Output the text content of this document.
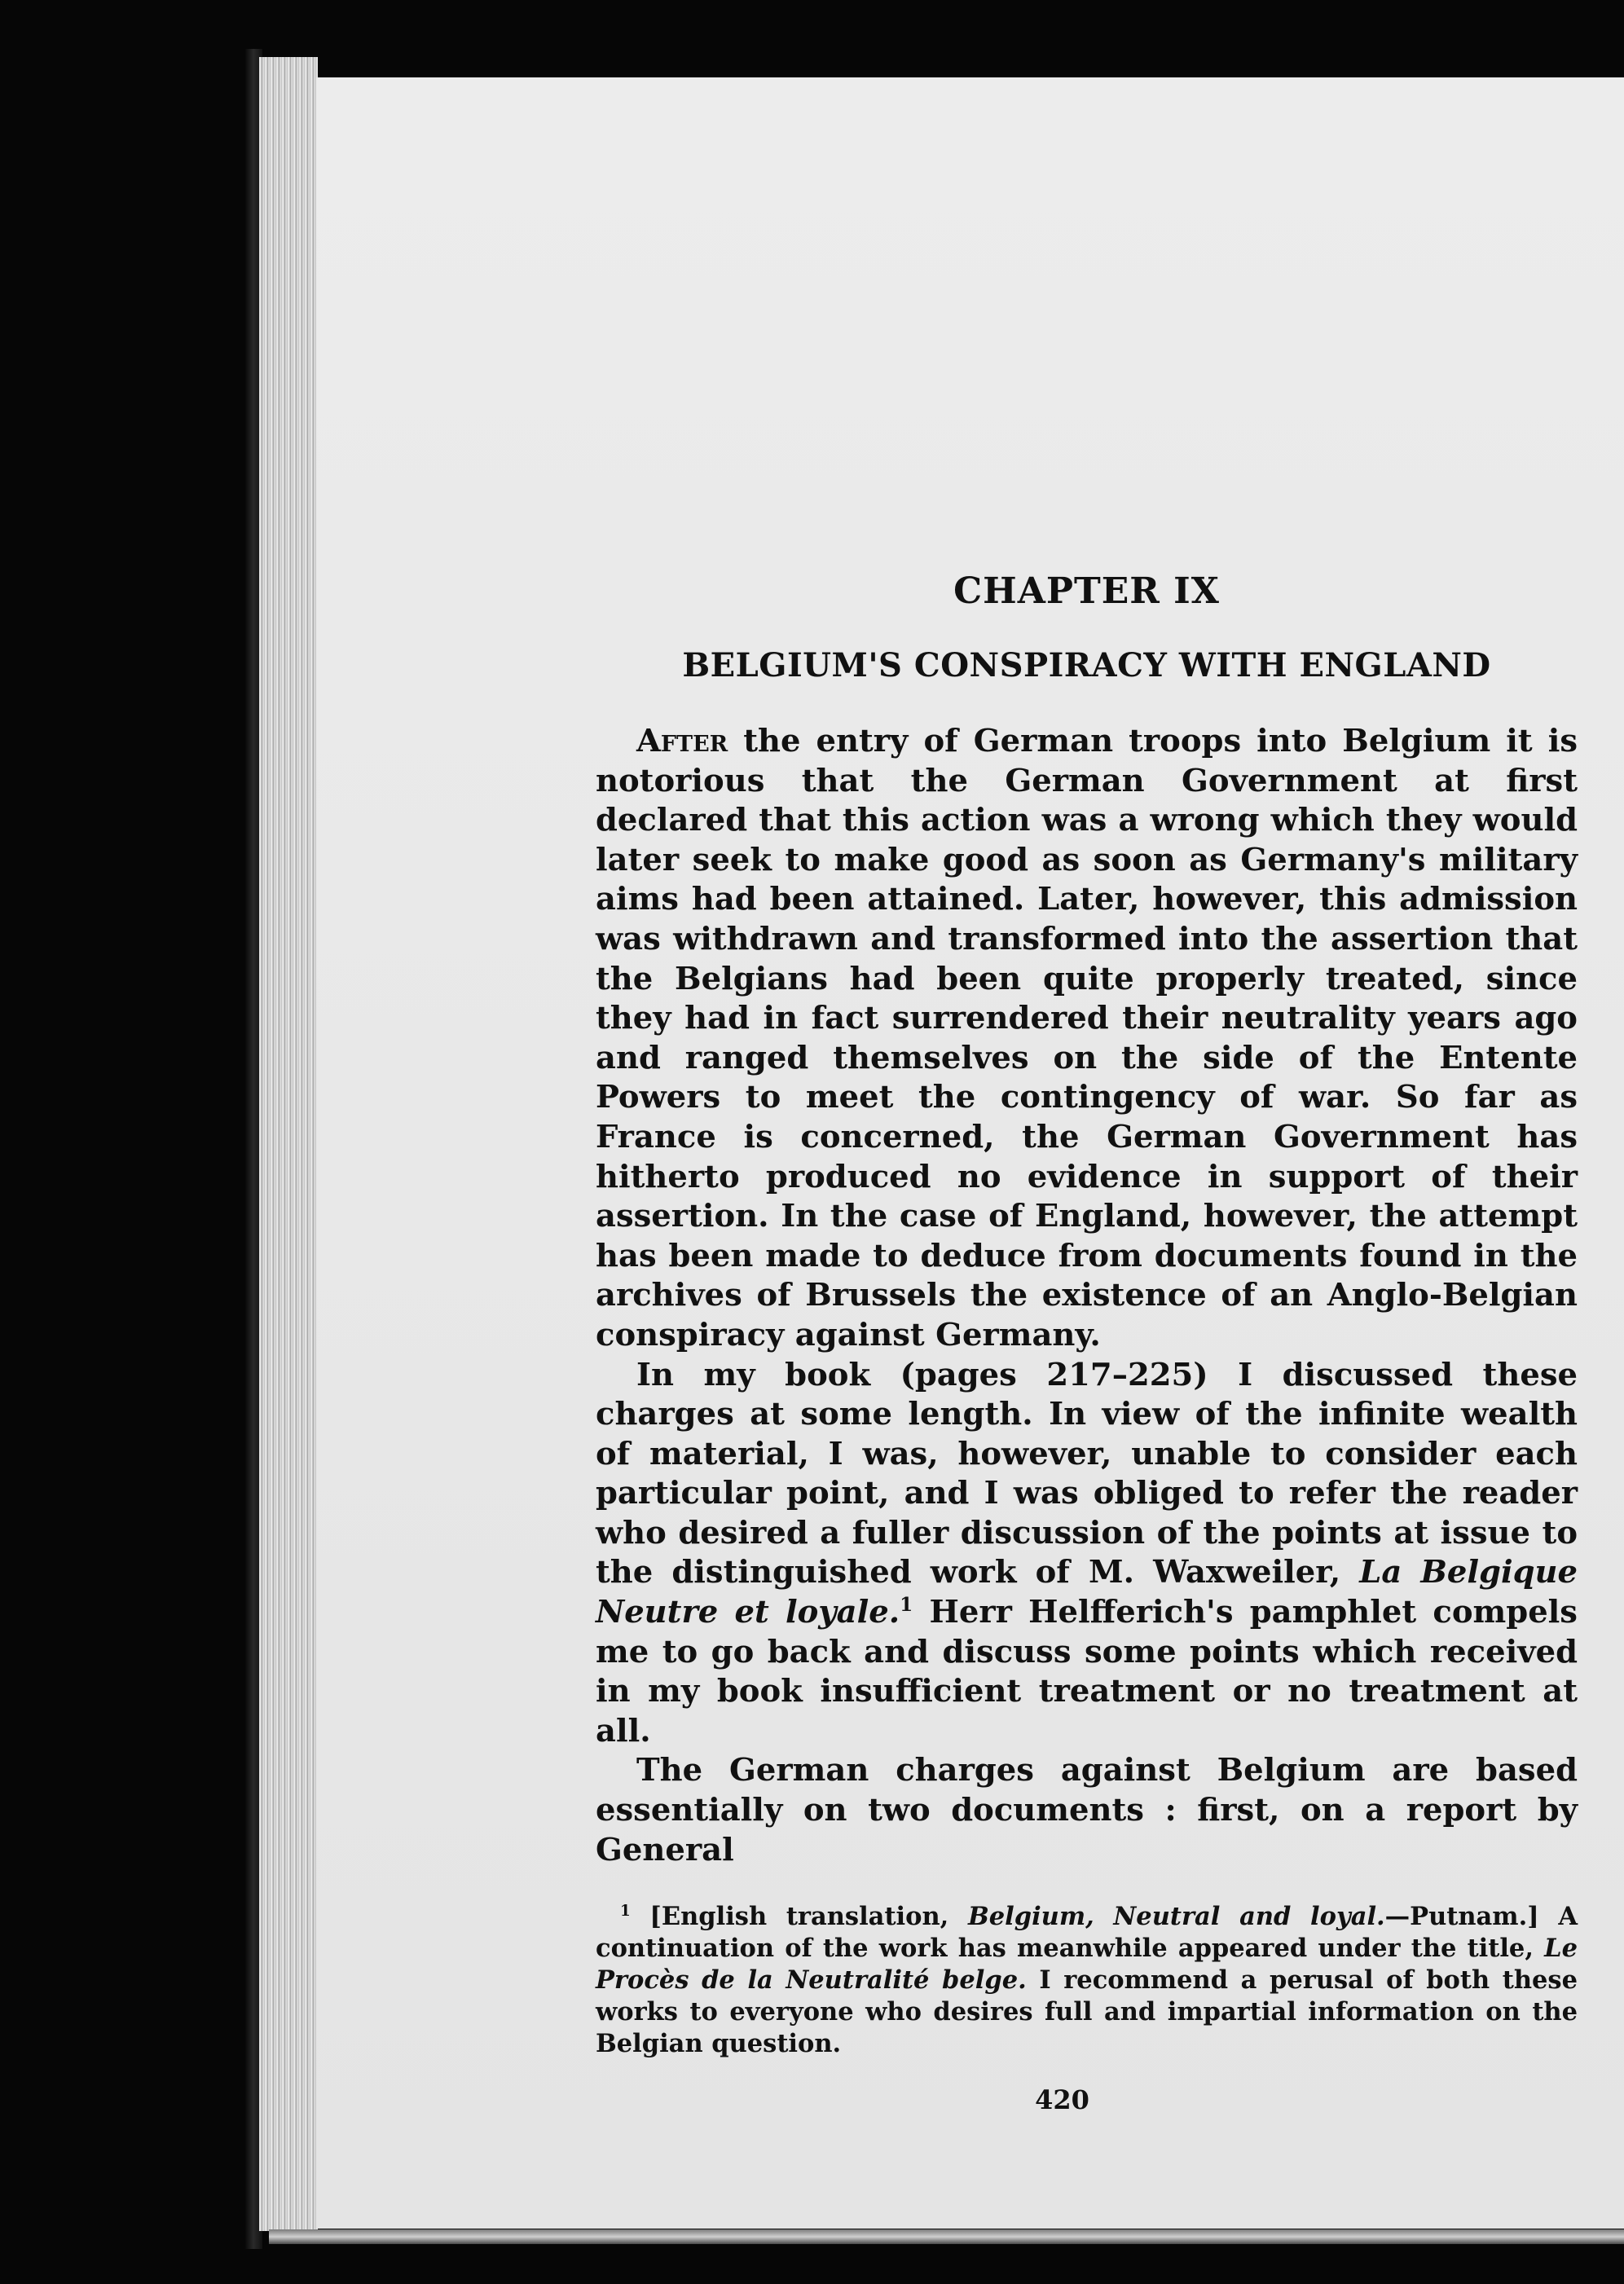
CHAPTER IX
BELGIUM'S CONSPIRACY WITH ENGLAND

After the entry of German troops into Belgium it is notorious that the German Government at first declared that this action was a wrong which they would later seek to make good as soon as Germany's military aims had been attained. Later, however, this admission was withdrawn and transformed into the assertion that the Belgians had been quite properly treated, since they had in fact surrendered their neutrality years ago and ranged themselves on the side of the Entente Powers to meet the contingency of war. So far as France is concerned, the German Government has hitherto produced no evidence in support of their assertion. In the case of England, however, the attempt has been made to deduce from documents found in the archives of Brussels the existence of an Anglo-Belgian conspiracy against Germany.

In my book (pages 217–225) I discussed these charges at some length. In view of the infinite wealth of material, I was, however, unable to consider each particular point, and I was obliged to refer the reader who desired a fuller discussion of the points at issue to the distinguished work of M. Waxweiler, La Belgique Neutre et loyale.$^1$ Herr Helfferich's pamphlet compels me to go back and discuss some points which received in my book insufficient treatment or no treatment at all.

The German charges against Belgium are based essentially on two documents : first, on a report by General

$^1$ [English translation, Belgium, Neutral and loyal.—Putnam.] A continuation of the work has meanwhile appeared under the title, Le Procès de la Neutralité belge. I recommend a perusal of both these works to everyone who desires full and impartial information on the Belgian question.
420
